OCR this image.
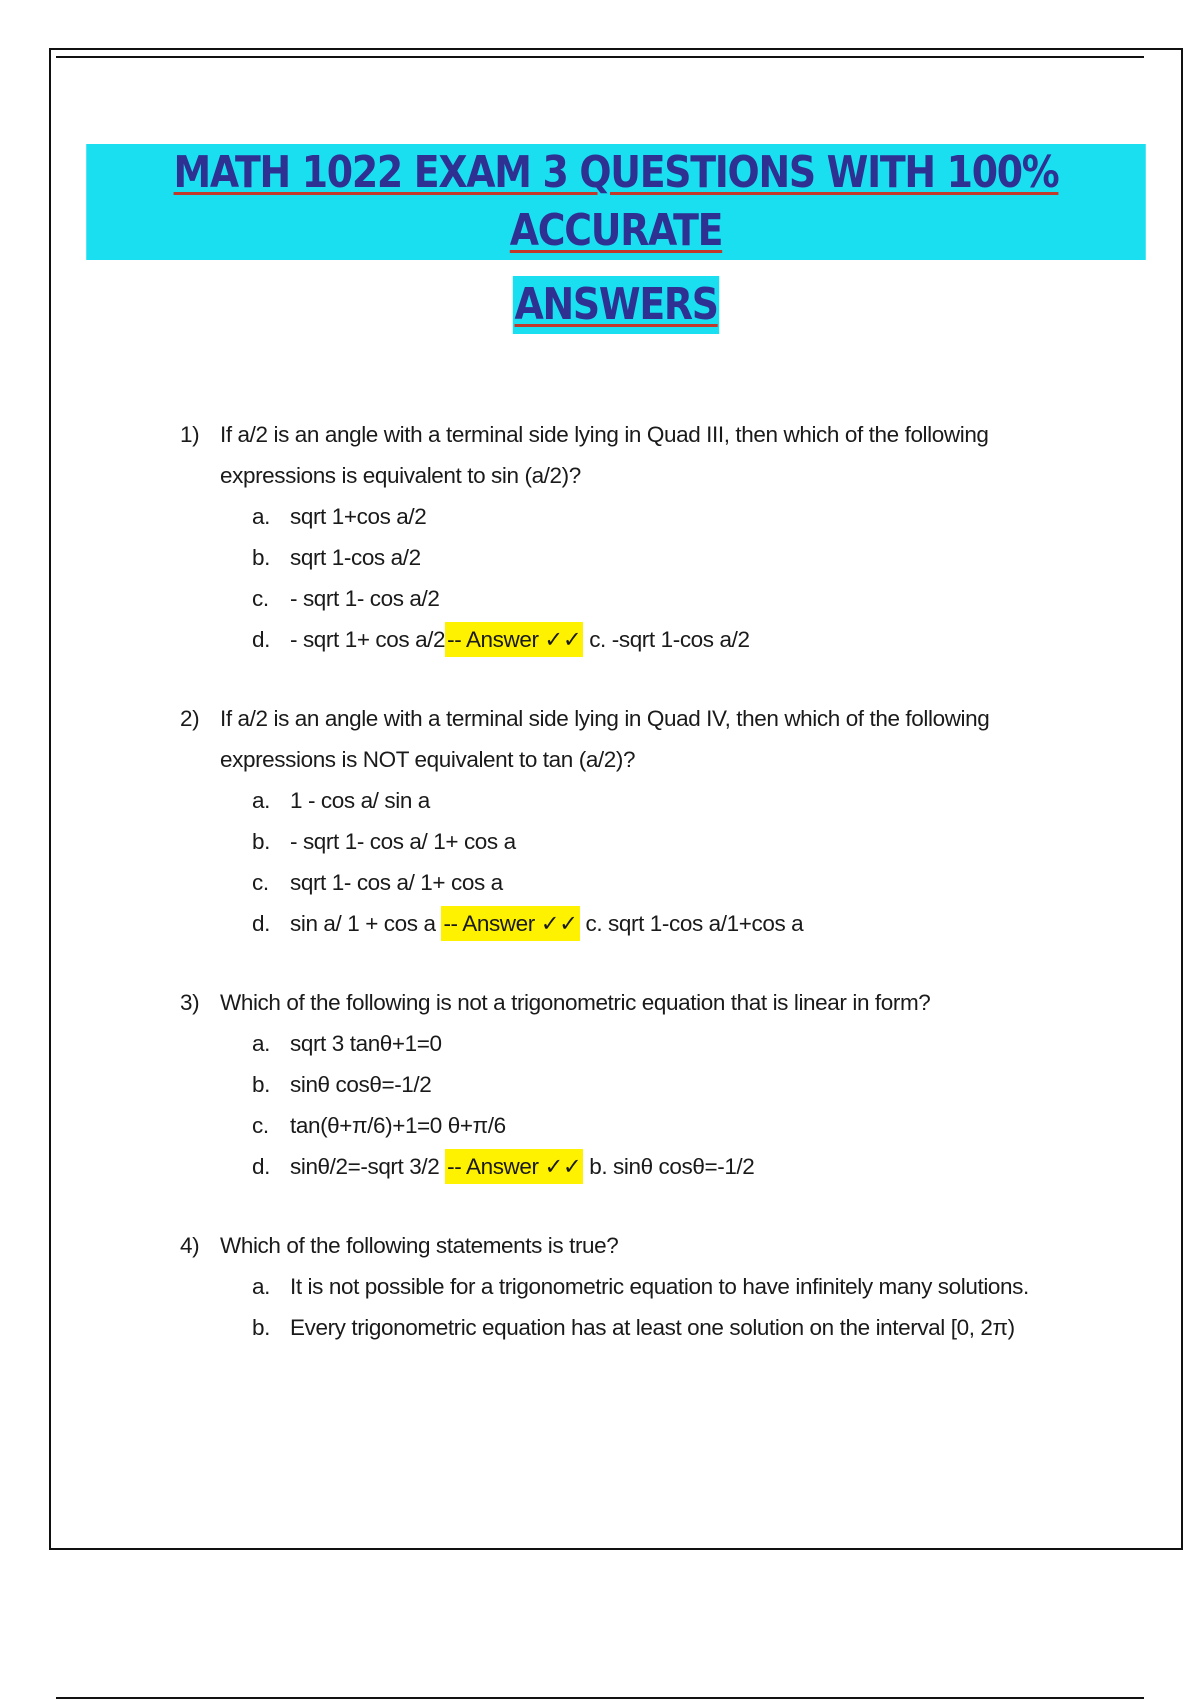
MATH 1022 EXAM 3 QUESTIONS WITH 100% ACCURATE
ANSWERS
1) If a/2 is an angle with a terminal side lying in Quad III, then which of the following expressions is equivalent to sin (a/2)?
a. sqrt 1+cos a/2
b. sqrt 1-cos a/2
c. - sqrt 1- cos a/2
d. - sqrt 1+ cos a/2-- Answer ✓✓ c. -sqrt 1-cos a/2
2) If a/2 is an angle with a terminal side lying in Quad IV, then which of the following expressions is NOT equivalent to tan (a/2)?
a. 1 - cos a/ sin a
b. - sqrt 1- cos a/ 1+ cos a
c. sqrt 1- cos a/ 1+ cos a
d. sin a/ 1 + cos a -- Answer ✓✓ c. sqrt 1-cos a/1+cos a
3) Which of the following is not a trigonometric equation that is linear in form?
a. sqrt 3 tanθ+1=0
b. sinθ cosθ=-1/2
c. tan(θ+π/6)+1=0 θ+π/6
d. sinθ/2=-sqrt 3/2 -- Answer ✓✓ b. sinθ cosθ=-1/2
4) Which of the following statements is true?
a. It is not possible for a trigonometric equation to have infinitely many solutions.
b. Every trigonometric equation has at least one solution on the interval [0, 2π)
